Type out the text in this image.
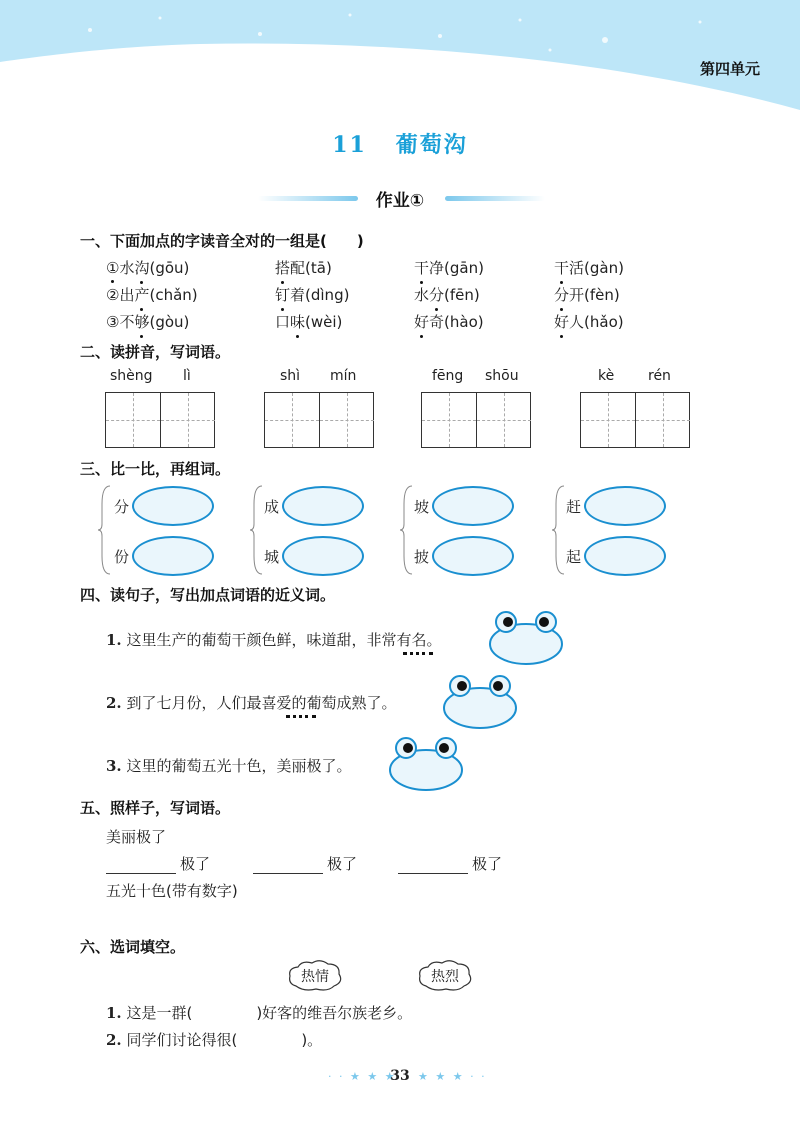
第四单元
11 葡萄沟
作业①
一、下面加点的字读音全对的一组是(　　)
①水沟(gōu)	搭配(tā)	干净(gān)	干活(gàn)
②出产(chǎn)	钉着(dìng)	水分(fēn)	分开(fèn)
③不够(gòu)	口味(wèi)	好奇(hào)	好人(hǎo)
二、读拼音，写词语。
shèng lì	shì mín	fēng shōu	kè rén
三、比一比，再组词。
分
份
成
城
坡
披
赶
起
四、读句子，写出加点词语的近义词。
1. 这里生产的葡萄干颜色鲜，味道甜，非常有名。
2. 到了七月份，人们最喜爱的葡萄成熟了。
3. 这里的葡萄五光十色，美丽极了。
五、照样子，写词语。
美丽极了
极了	极了	极了
五光十色(带有数字)
六、选词填空。
热情	热烈
1. 这是一群(	)好客的维吾尔族老乡。
2. 同学们讨论得很(	)。
· · ★ ★ ★
33 ★ ★ ★ · ·
